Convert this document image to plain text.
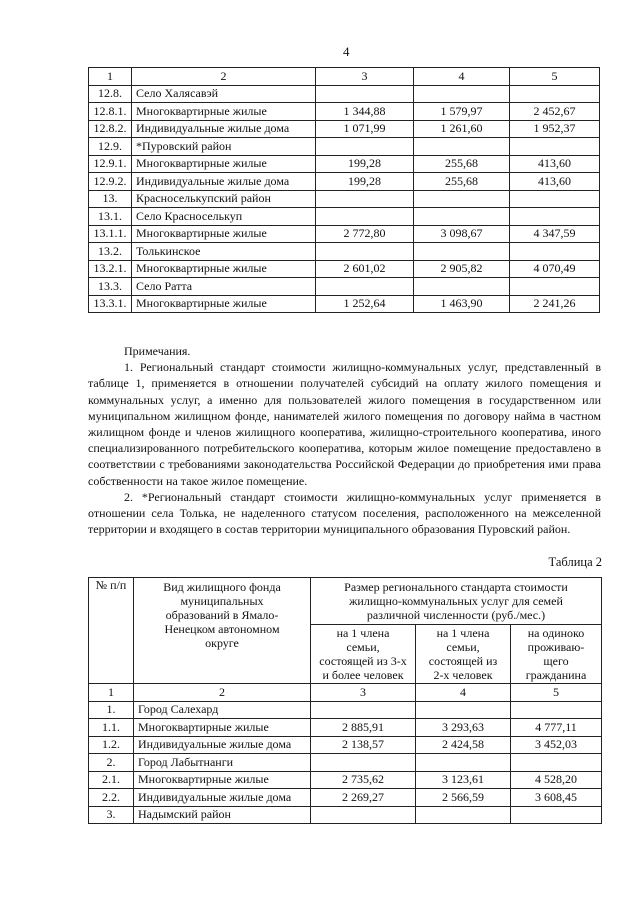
4
1	2	3	4	5
12.8.	Село Халясавэй			
12.8.1.	Многоквартирные жилые	1 344,88	1 579,97	2 452,67
12.8.2.	Индивидуальные жилые дома	1 071,99	1 261,60	1 952,37
12.9.	*Пуровский район			
12.9.1.	Многоквартирные жилые	199,28	255,68	413,60
12.9.2.	Индивидуальные жилые дома	199,28	255,68	413,60
13.	Красноселькупский район			
13.1.	Село Красноселькуп			
13.1.1.	Многоквартирные жилые	2 772,80	3 098,67	4 347,59
13.2.	Толькинское			
13.2.1.	Многоквартирные жилые	2 601,02	2 905,82	4 070,49
13.3.	Село Ратта			
13.3.1.	Многоквартирные жилые	1 252,64	1 463,90	2 241,26

Примечания.

1. Региональный стандарт стоимости жилищно-коммунальных услуг, представленный в таблице 1, применяется в отношении получателей субсидий на оплату жилого помещения и коммунальных услуг, а именно для пользователей жилого помещения в государственном или муниципальном жилищном фонде, нанимателей жилого помещения по договору найма в частном жилищном фонде и членов жилищного кооператива, жилищно-строительного кооператива, иного специализированного потребительского кооператива, которым жилое помещение предоставлено в соответствии с требованиями законодательства Российской Федерации до приобретения ими права собственности на такое жилое помещение.

2. *Региональный стандарт стоимости жилищно-коммунальных услуг применяется в отношении села Толька, не наделенного статусом поселения, расположенного на межселенной территории и входящего в состав территории муниципального образования Пуровский район.

Таблица 2
№ п/п	Вид жилищного фонда муниципальных образований в Ямало-Ненецком автономном округе	Размер регионального стандарта стоимости жилищно-коммунальных услуг для семей различной численности (руб./мес.)		
		на 1 члена семьи, состоящей из 3-х и более человек	на 1 члена семьи, состоящей из 2-х человек	на одиноко проживаю-щего гражданина
1	2	3	4	5
1.	Город Салехард			
1.1.	Многоквартирные жилые	2 885,91	3 293,63	4 777,11
1.2.	Индивидуальные жилые дома	2 138,57	2 424,58	3 452,03
2.	Город Лабытнанги			
2.1.	Многоквартирные жилые	2 735,62	3 123,61	4 528,20
2.2.	Индивидуальные жилые дома	2 269,27	2 566,59	3 608,45
3.	Надымский район			
